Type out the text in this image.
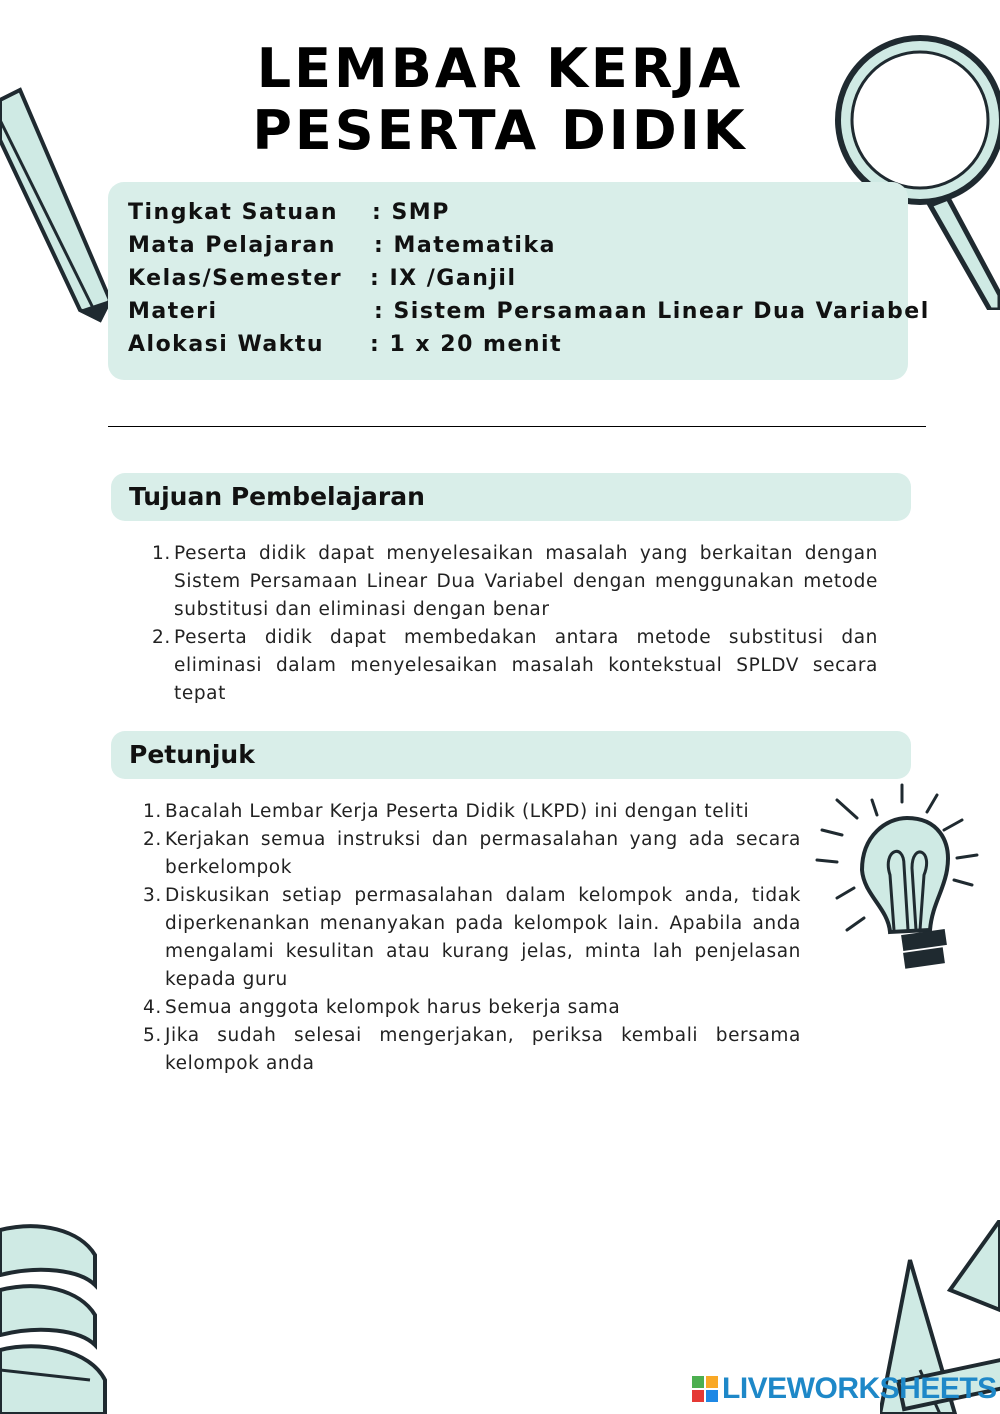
LEMBAR KERJA
PESERTA DIDIK
Tingkat Satuan : SMP
Mata Pelajaran : Matematika
Kelas/Semester : IX /Ganjil
Materi	: Sistem Persamaan Linear Dua Variabel
Alokasi Waktu : 1 x 20 menit
Tujuan Pembelajaran
1. Peserta didik dapat menyelesaikan masalah yang berkaitan dengan Sistem Persamaan Linear Dua Variabel dengan menggunakan metode substitusi dan eliminasi dengan benar
2. Peserta didik dapat membedakan antara metode substitusi dan eliminasi dalam menyelesaikan masalah kontekstual SPLDV secara tepat
Petunjuk
1. Bacalah Lembar Kerja Peserta Didik (LKPD) ini dengan teliti
2. Kerjakan semua instruksi dan permasalahan yang ada secara berkelompok
3. Diskusikan setiap permasalahan dalam kelompok anda, tidak diperkenankan menanyakan pada kelompok lain. Apabila anda mengalami kesulitan atau kurang jelas, minta lah penjelasan kepada guru
4. Semua anggota kelompok harus bekerja sama
5. Jika sudah selesai mengerjakan, periksa kembali bersama kelompok anda
LIVEWORKSHEETS
